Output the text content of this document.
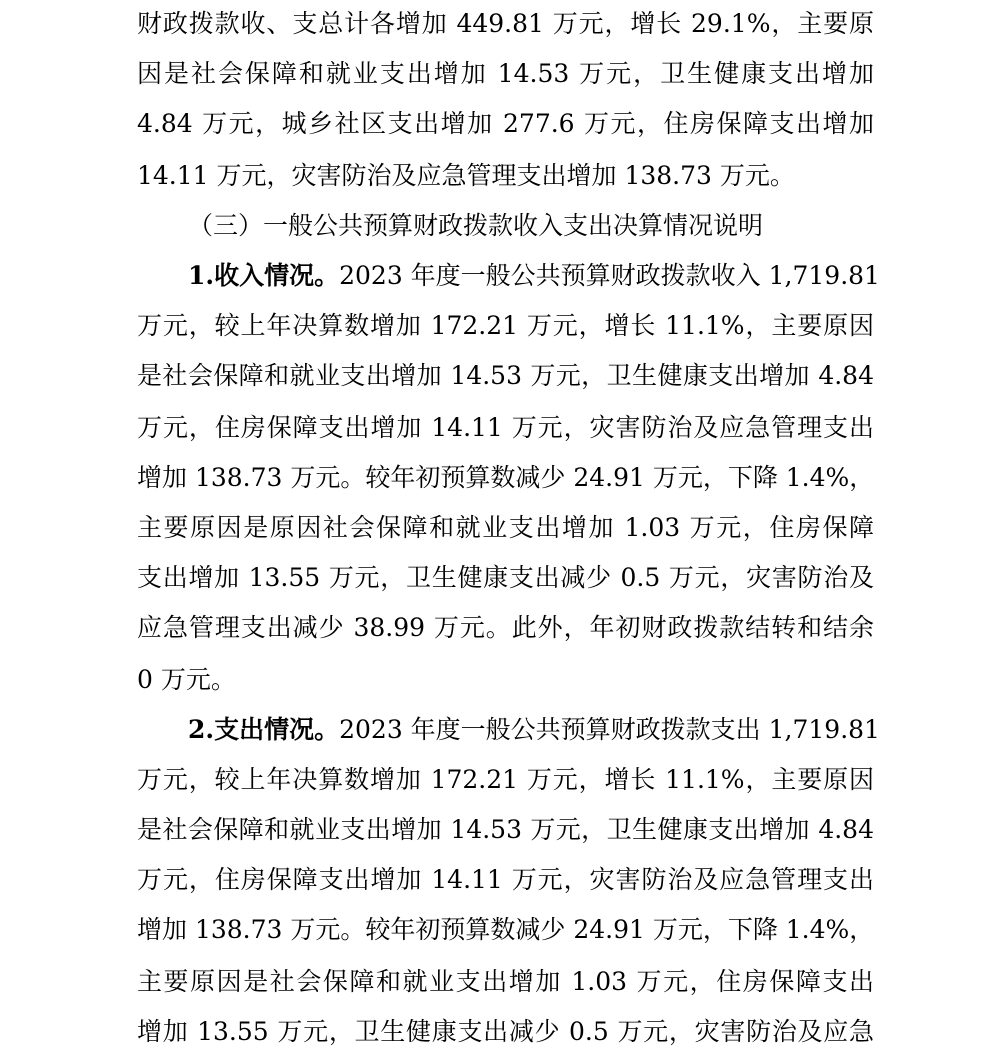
财政拨款收、支总计各增加 449.81 万元，增长 29.1%，主要原
因是社会保障和就业支出增加 14.53 万元，卫生健康支出增加
4.84 万元，城乡社区支出增加 277.6 万元，住房保障支出增加
14.11 万元，灾害防治及应急管理支出增加 138.73 万元。
（三）一般公共预算财政拨款收入支出决算情况说明
1.收入情况。2023 年度一般公共预算财政拨款收入 1,719.81
万元，较上年决算数增加 172.21 万元，增长 11.1%，主要原因
是社会保障和就业支出增加 14.53 万元，卫生健康支出增加 4.84
万元，住房保障支出增加 14.11 万元，灾害防治及应急管理支出
增加 138.73 万元。较年初预算数减少 24.91 万元，下降 1.4%，
主要原因是原因社会保障和就业支出增加 1.03 万元，住房保障
支出增加 13.55 万元，卫生健康支出减少 0.5 万元，灾害防治及
应急管理支出减少 38.99 万元。此外，年初财政拨款结转和结余
0 万元。
2.支出情况。2023 年度一般公共预算财政拨款支出 1,719.81
万元，较上年决算数增加 172.21 万元，增长 11.1%，主要原因
是社会保障和就业支出增加 14.53 万元，卫生健康支出增加 4.84
万元，住房保障支出增加 14.11 万元，灾害防治及应急管理支出
增加 138.73 万元。较年初预算数减少 24.91 万元，下降 1.4%，
主要原因是社会保障和就业支出增加 1.03 万元，住房保障支出
增加 13.55 万元，卫生健康支出减少 0.5 万元，灾害防治及应急
